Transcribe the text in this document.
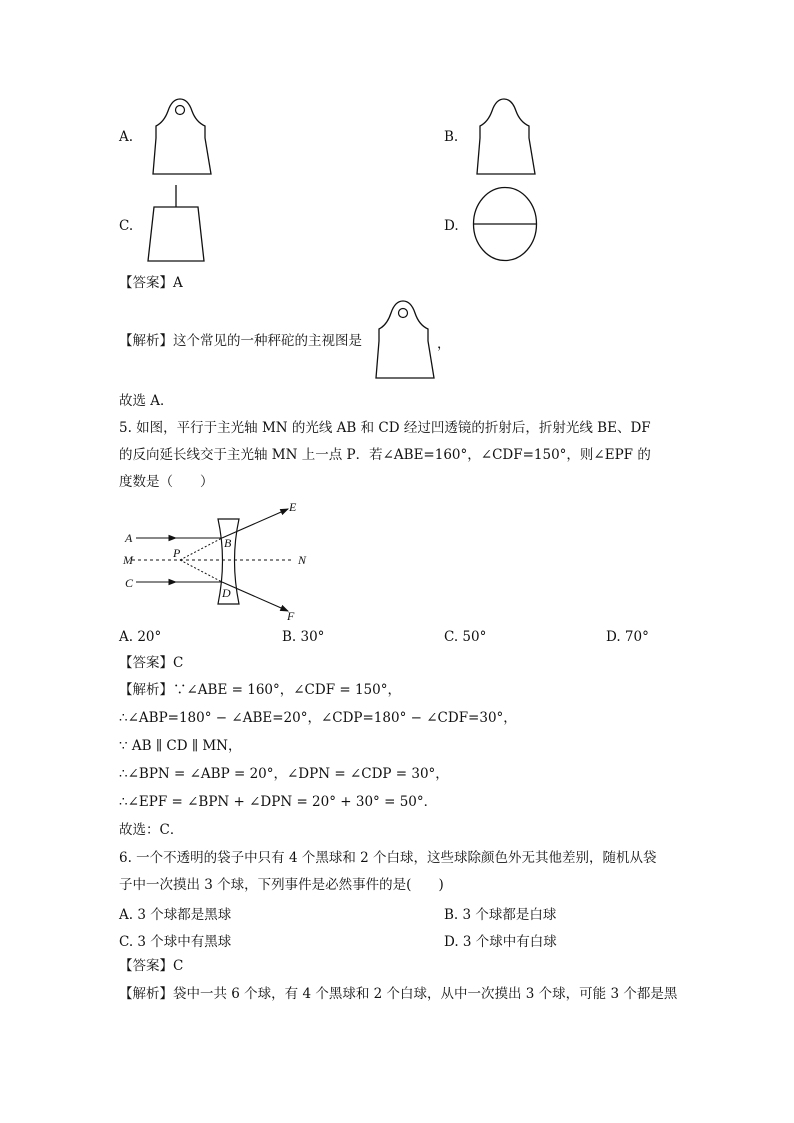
A.	B.
C.	D.
【答案】A
【解析】这个常见的一种秤砣的主视图是	，
故选 A．
5. 如图，平行于主光轴 MN 的光线 AB 和 CD 经过凹透镜的折射后，折射光线 BE、DF
的反向延长线交于主光轴 MN 上一点 P．若∠ABE=160°，∠CDF=150°，则∠EPF 的
度数是（　　）
A
M
C
B
P
D
E
N
F
A. 20°	B. 30°	C. 50°	D. 70°
【答案】C
【解析】∵∠ABE = 160°，∠CDF = 150°，
∴∠ABP=180° − ∠ABE=20°，∠CDP=180° − ∠CDF=30°，
∵ AB ∥ CD ∥ MN，
∴∠BPN = ∠ABP = 20°，∠DPN = ∠CDP = 30°，
∴∠EPF = ∠BPN + ∠DPN = 20° + 30° = 50°．
故选：C．
6. 一个不透明的袋子中只有 4 个黑球和 2 个白球，这些球除颜色外无其他差别，随机从袋
子中一次摸出 3 个球，下列事件是必然事件的是(　　)
A. 3 个球都是黑球	B. 3 个球都是白球
C. 3 个球中有黑球	D. 3 个球中有白球
【答案】C
【解析】袋中一共 6 个球，有 4 个黑球和 2 个白球，从中一次摸出 3 个球，可能 3 个都是黑
